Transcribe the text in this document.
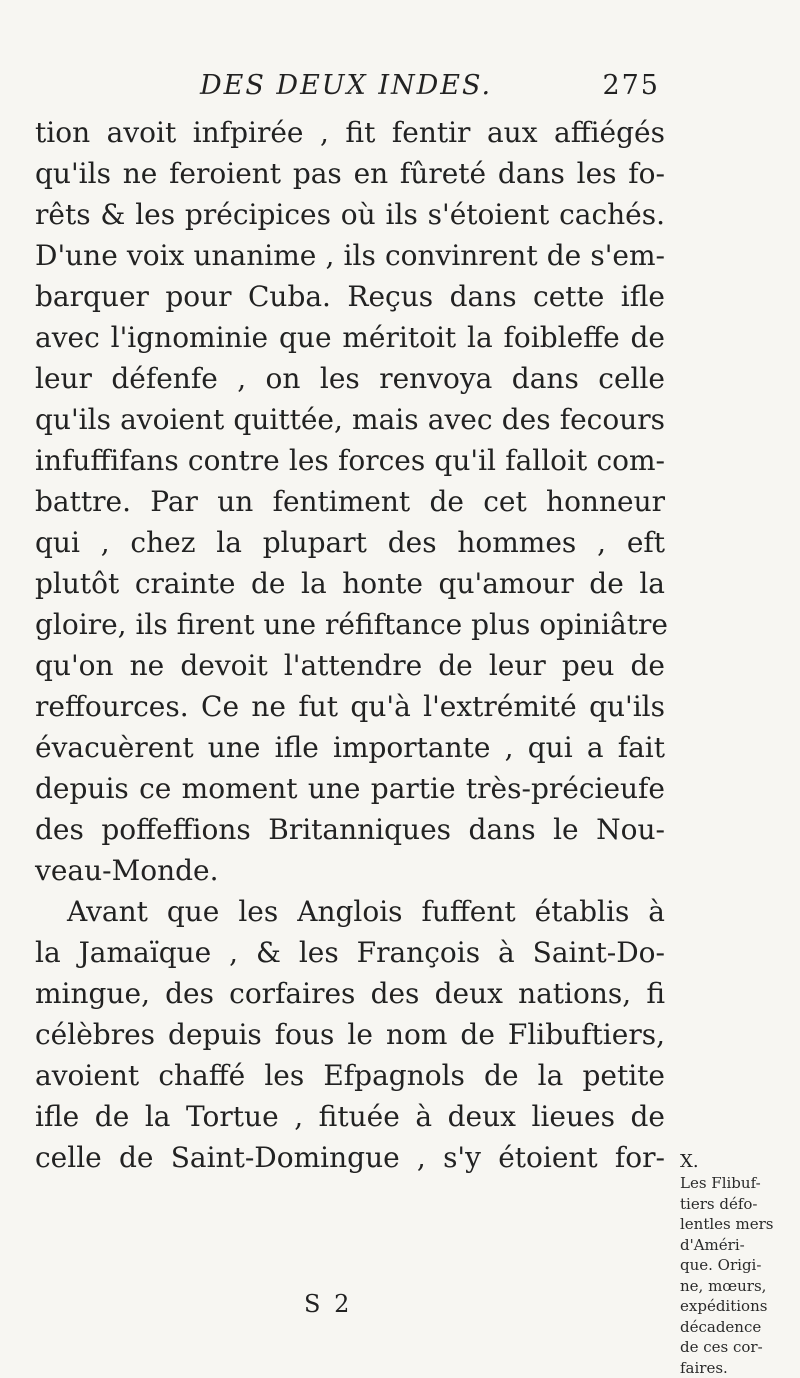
DES DEUX INDES.	275
tion avoit infpirée , fit fentir aux affiégés
qu'ils ne feroient pas en fûreté dans les fo-
rêts & les précipices où ils s'étoient cachés.
D'une voix unanime , ils convinrent de s'em-
barquer pour Cuba. Reçus dans cette ifle
avec l'ignominie que méritoit la foibleffe de
leur défenfe , on les renvoya dans celle
qu'ils avoient quittée, mais avec des fecours
infuffifans contre les forces qu'il falloit com-
battre. Par un fentiment de cet honneur
qui , chez la plupart des hommes , eft
plutôt crainte de la honte qu'amour de la
gloire, ils firent une réfiftance plus opiniâtre
qu'on ne devoit l'attendre de leur peu de
reffources. Ce ne fut qu'à l'extrémité qu'ils
évacuèrent une ifle importante , qui a fait
depuis ce moment une partie très-précieufe
des poffeffions Britanniques dans le Nou-
veau-Monde.
Avant que les Anglois fuffent établis à
la Jamaïque , & les François à Saint-Do-
mingue, des corfaires des deux nations, fi
célèbres depuis fous le nom de Flibuftiers,
avoient chaffé les Efpagnols de la petite
ifle de la Tortue , fituée à deux lieues de
celle de Saint-Domingue , s'y étoient for- X.
Les Flibuf-
tiers défo-
lentles mers
d'Améri-
que. Origi-
ne, mœurs,
expéditions
décadence
de ces cor-
faires.
S 2
